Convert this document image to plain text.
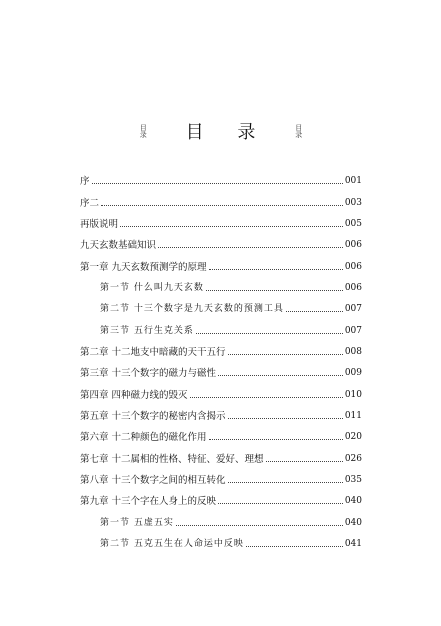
目录 目 录	目录
序	001
序二	003
再版说明	005
九天玄数基础知识	006
第一章 九天玄数预测学的原理	006
第一节 什么叫九天玄数	006
第二节 十三个数字是九天玄数的预测工具	007
第三节 五行生克关系	007
第二章 十二地支中暗藏的天干五行	008
第三章 十三个数字的磁力与磁性	009
第四章 四种磁力线的毁灭	010
第五章 十三个数字的秘密内含揭示	011
第六章 十二种颜色的磁化作用	020
第七章 十二属相的性格、特征、爱好、理想	026
第八章 十三个数字之间的相互转化	035
第九章 十三个字在人身上的反映	040
第一节 五虚五实	040
第二节 五克五生在人命运中反映	041
